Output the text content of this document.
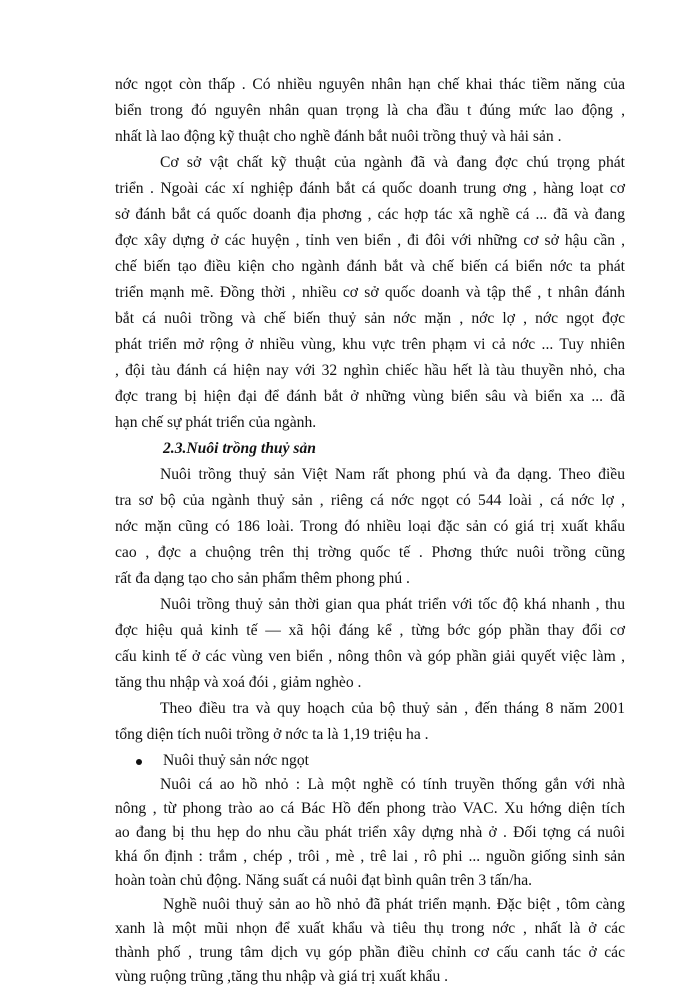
nớc ngọt còn thấp . Có nhiều nguyên nhân hạn chế khai thác tiềm năng của
biển trong đó nguyên nhân quan trọng là cha đầu t đúng mức lao động ,
nhất là lao động kỹ thuật cho nghề đánh bắt nuôi trồng thuỷ và hải sản .
Cơ sở vật chất kỹ thuật của ngành đã và đang đợc chú trọng phát
triển . Ngoài các xí nghiệp đánh bắt cá quốc doanh trung ơng , hàng loạt cơ
sở đánh bắt cá quốc doanh địa phơng , các hợp tác xã nghề cá ... đã và đang
đợc xây dựng ở các huyện , tỉnh ven biển , đi đôi với những cơ sở hậu cần ,
chế biến tạo điều kiện cho ngành đánh bắt và chế biến cá biển nớc ta phát
triển mạnh mẽ. Đồng thời , nhiều cơ sở quốc doanh và tập thể , t nhân đánh
bắt cá nuôi trồng và chế biến thuỷ sản nớc mặn , nớc lợ , nớc ngọt đợc
phát triển mở rộng ở nhiều vùng, khu vực trên phạm vi cả nớc ... Tuy nhiên
, đội tàu đánh cá hiện nay với 32 nghìn chiếc hầu hết là tàu thuyền nhỏ, cha
đợc trang bị hiện đại để đánh bắt ở những vùng biển sâu và biển xa ... đã
hạn chế sự phát triển của ngành.
2.3.Nuôi trồng thuỷ sản
Nuôi trồng thuỷ sản Việt Nam rất phong phú và đa dạng. Theo điều
tra sơ bộ của ngành thuỷ sản , riêng cá nớc ngọt có 544 loài , cá nớc lợ ,
nớc mặn cũng có 186 loài. Trong đó nhiều loại đặc sản có giá trị xuất khẩu
cao , đợc a chuộng trên thị trờng quốc tế . Phơng thức nuôi trồng cũng
rất đa dạng tạo cho sản phẩm thêm phong phú .
Nuôi trồng thuỷ sản thời gian qua phát triển với tốc độ khá nhanh , thu
đợc hiệu quả kinh tế — xã hội đáng kể , từng bớc góp phần thay đổi cơ
cấu kinh tế ở các vùng ven biển , nông thôn và góp phần giải quyết việc làm ,
tăng thu nhập và xoá đói , giảm nghèo .
Theo điều tra và quy hoạch của bộ thuỷ sản , đến tháng 8 năm 2001
tổng diện tích nuôi trồng ở nớc ta là 1,19 triệu ha .
Nuôi thuỷ sản nớc ngọt
Nuôi cá ao hồ nhỏ : Là một nghề có tính truyền thống gắn với nhà
nông , từ phong trào ao cá Bác Hồ đến phong trào VAC. Xu hớng diện tích
ao đang bị thu hẹp do nhu cầu phát triển xây dựng nhà ở . Đối tợng cá nuôi
khá ổn định : trắm , chép , trôi , mè , trê lai , rô phi ... nguồn giống sinh sản
hoàn toàn chủ động. Năng suất cá nuôi đạt bình quân trên 3 tấn/ha.
Nghề nuôi thuỷ sản ao hồ nhỏ đã phát triển mạnh. Đặc biệt , tôm càng
xanh là một mũi nhọn để xuất khẩu và tiêu thụ trong nớc , nhất là ở các
thành phố , trung tâm dịch vụ góp phần điều chỉnh cơ cấu canh tác ở các
vùng ruộng trũng ,tăng thu nhập và giá trị xuất khẩu .
